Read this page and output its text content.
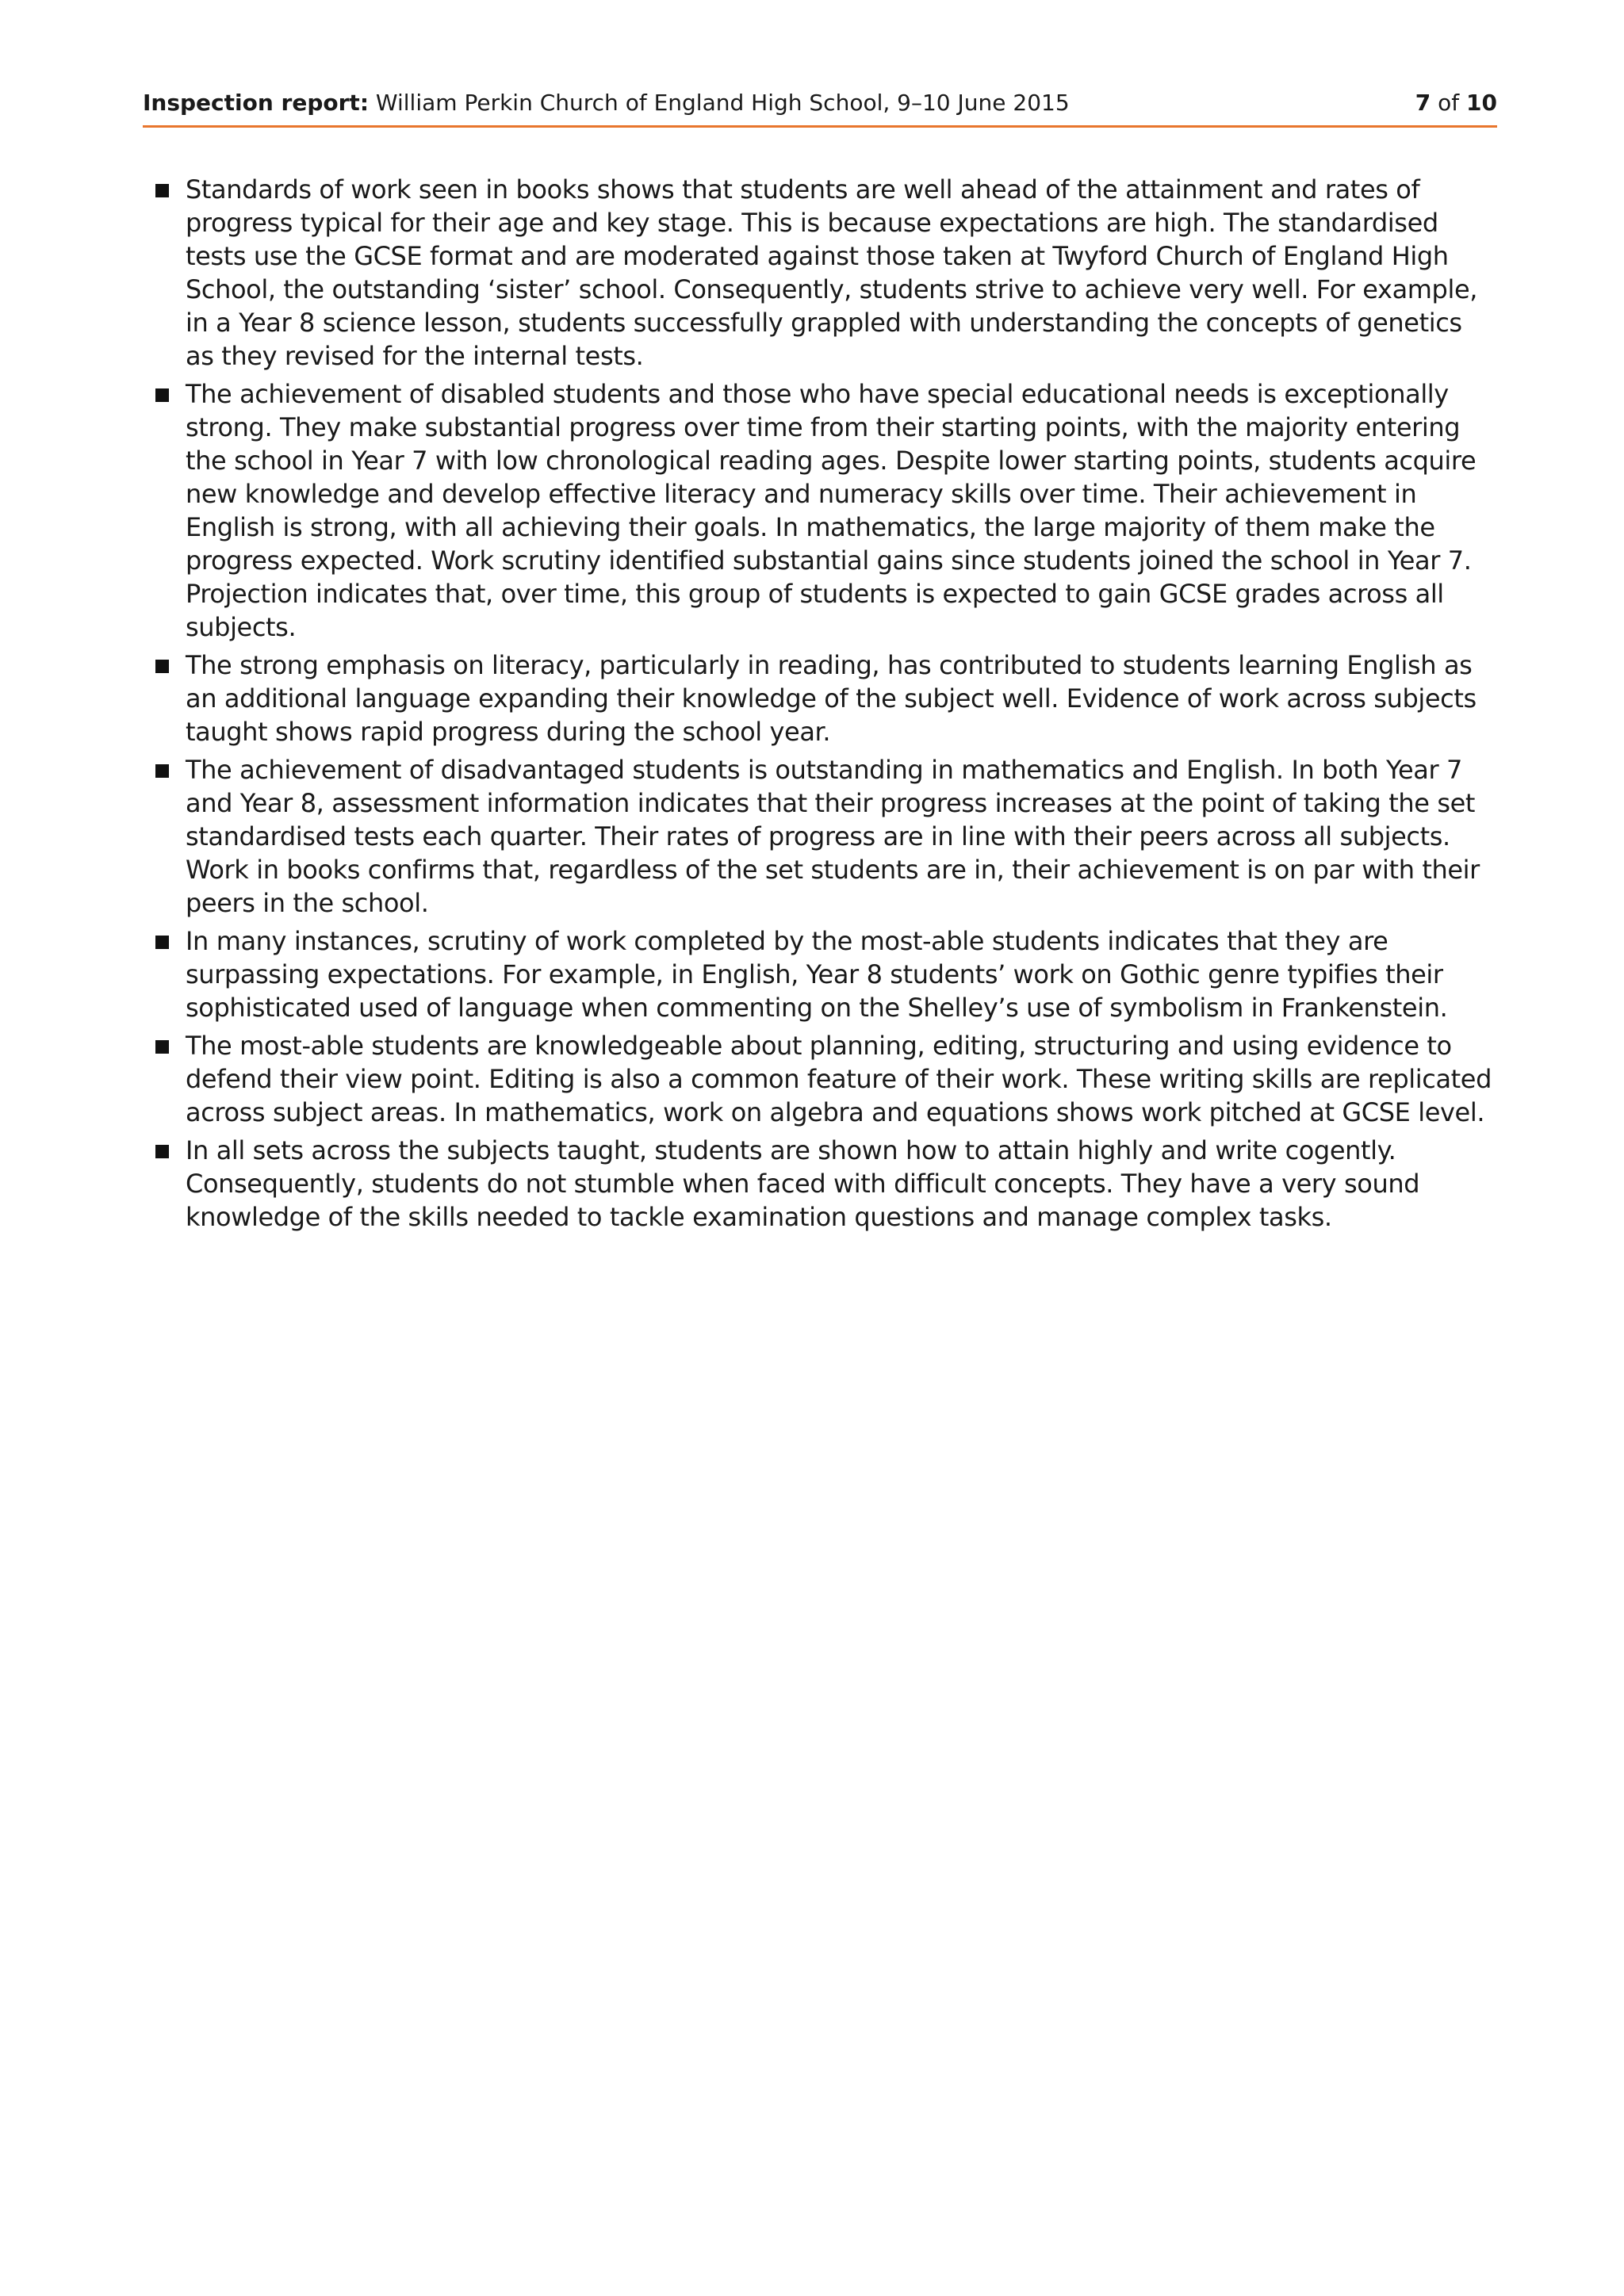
Inspection report: William Perkin Church of England High School, 9–10 June 2015	7 of 10
Standards of work seen in books shows that students are well ahead of the attainment and rates of progress typical for their age and key stage. This is because expectations are high. The standardised tests use the GCSE format and are moderated against those taken at Twyford Church of England High School, the outstanding ‘sister’ school. Consequently, students strive to achieve very well. For example, in a Year 8 science lesson, students successfully grappled with understanding the concepts of genetics as they revised for the internal tests.
The achievement of disabled students and those who have special educational needs is exceptionally strong. They make substantial progress over time from their starting points, with the majority entering the school in Year 7 with low chronological reading ages. Despite lower starting points, students acquire new knowledge and develop effective literacy and numeracy skills over time. Their achievement in English is strong, with all achieving their goals. In mathematics, the large majority of them make the progress expected. Work scrutiny identified substantial gains since students joined the school in Year 7. Projection indicates that, over time, this group of students is expected to gain GCSE grades across all subjects.
The strong emphasis on literacy, particularly in reading, has contributed to students learning English as an additional language expanding their knowledge of the subject well. Evidence of work across subjects taught shows rapid progress during the school year.
The achievement of disadvantaged students is outstanding in mathematics and English. In both Year 7 and Year 8, assessment information indicates that their progress increases at the point of taking the set standardised tests each quarter. Their rates of progress are in line with their peers across all subjects. Work in books confirms that, regardless of the set students are in, their achievement is on par with their peers in the school.
In many instances, scrutiny of work completed by the most-able students indicates that they are surpassing expectations. For example, in English, Year 8 students’ work on Gothic genre typifies their sophisticated used of language when commenting on the Shelley’s use of symbolism in Frankenstein.
The most-able students are knowledgeable about planning, editing, structuring and using evidence to defend their view point. Editing is also a common feature of their work. These writing skills are replicated across subject areas. In mathematics, work on algebra and equations shows work pitched at GCSE level.
In all sets across the subjects taught, students are shown how to attain highly and write cogently. Consequently, students do not stumble when faced with difficult concepts. They have a very sound knowledge of the skills needed to tackle examination questions and manage complex tasks.
